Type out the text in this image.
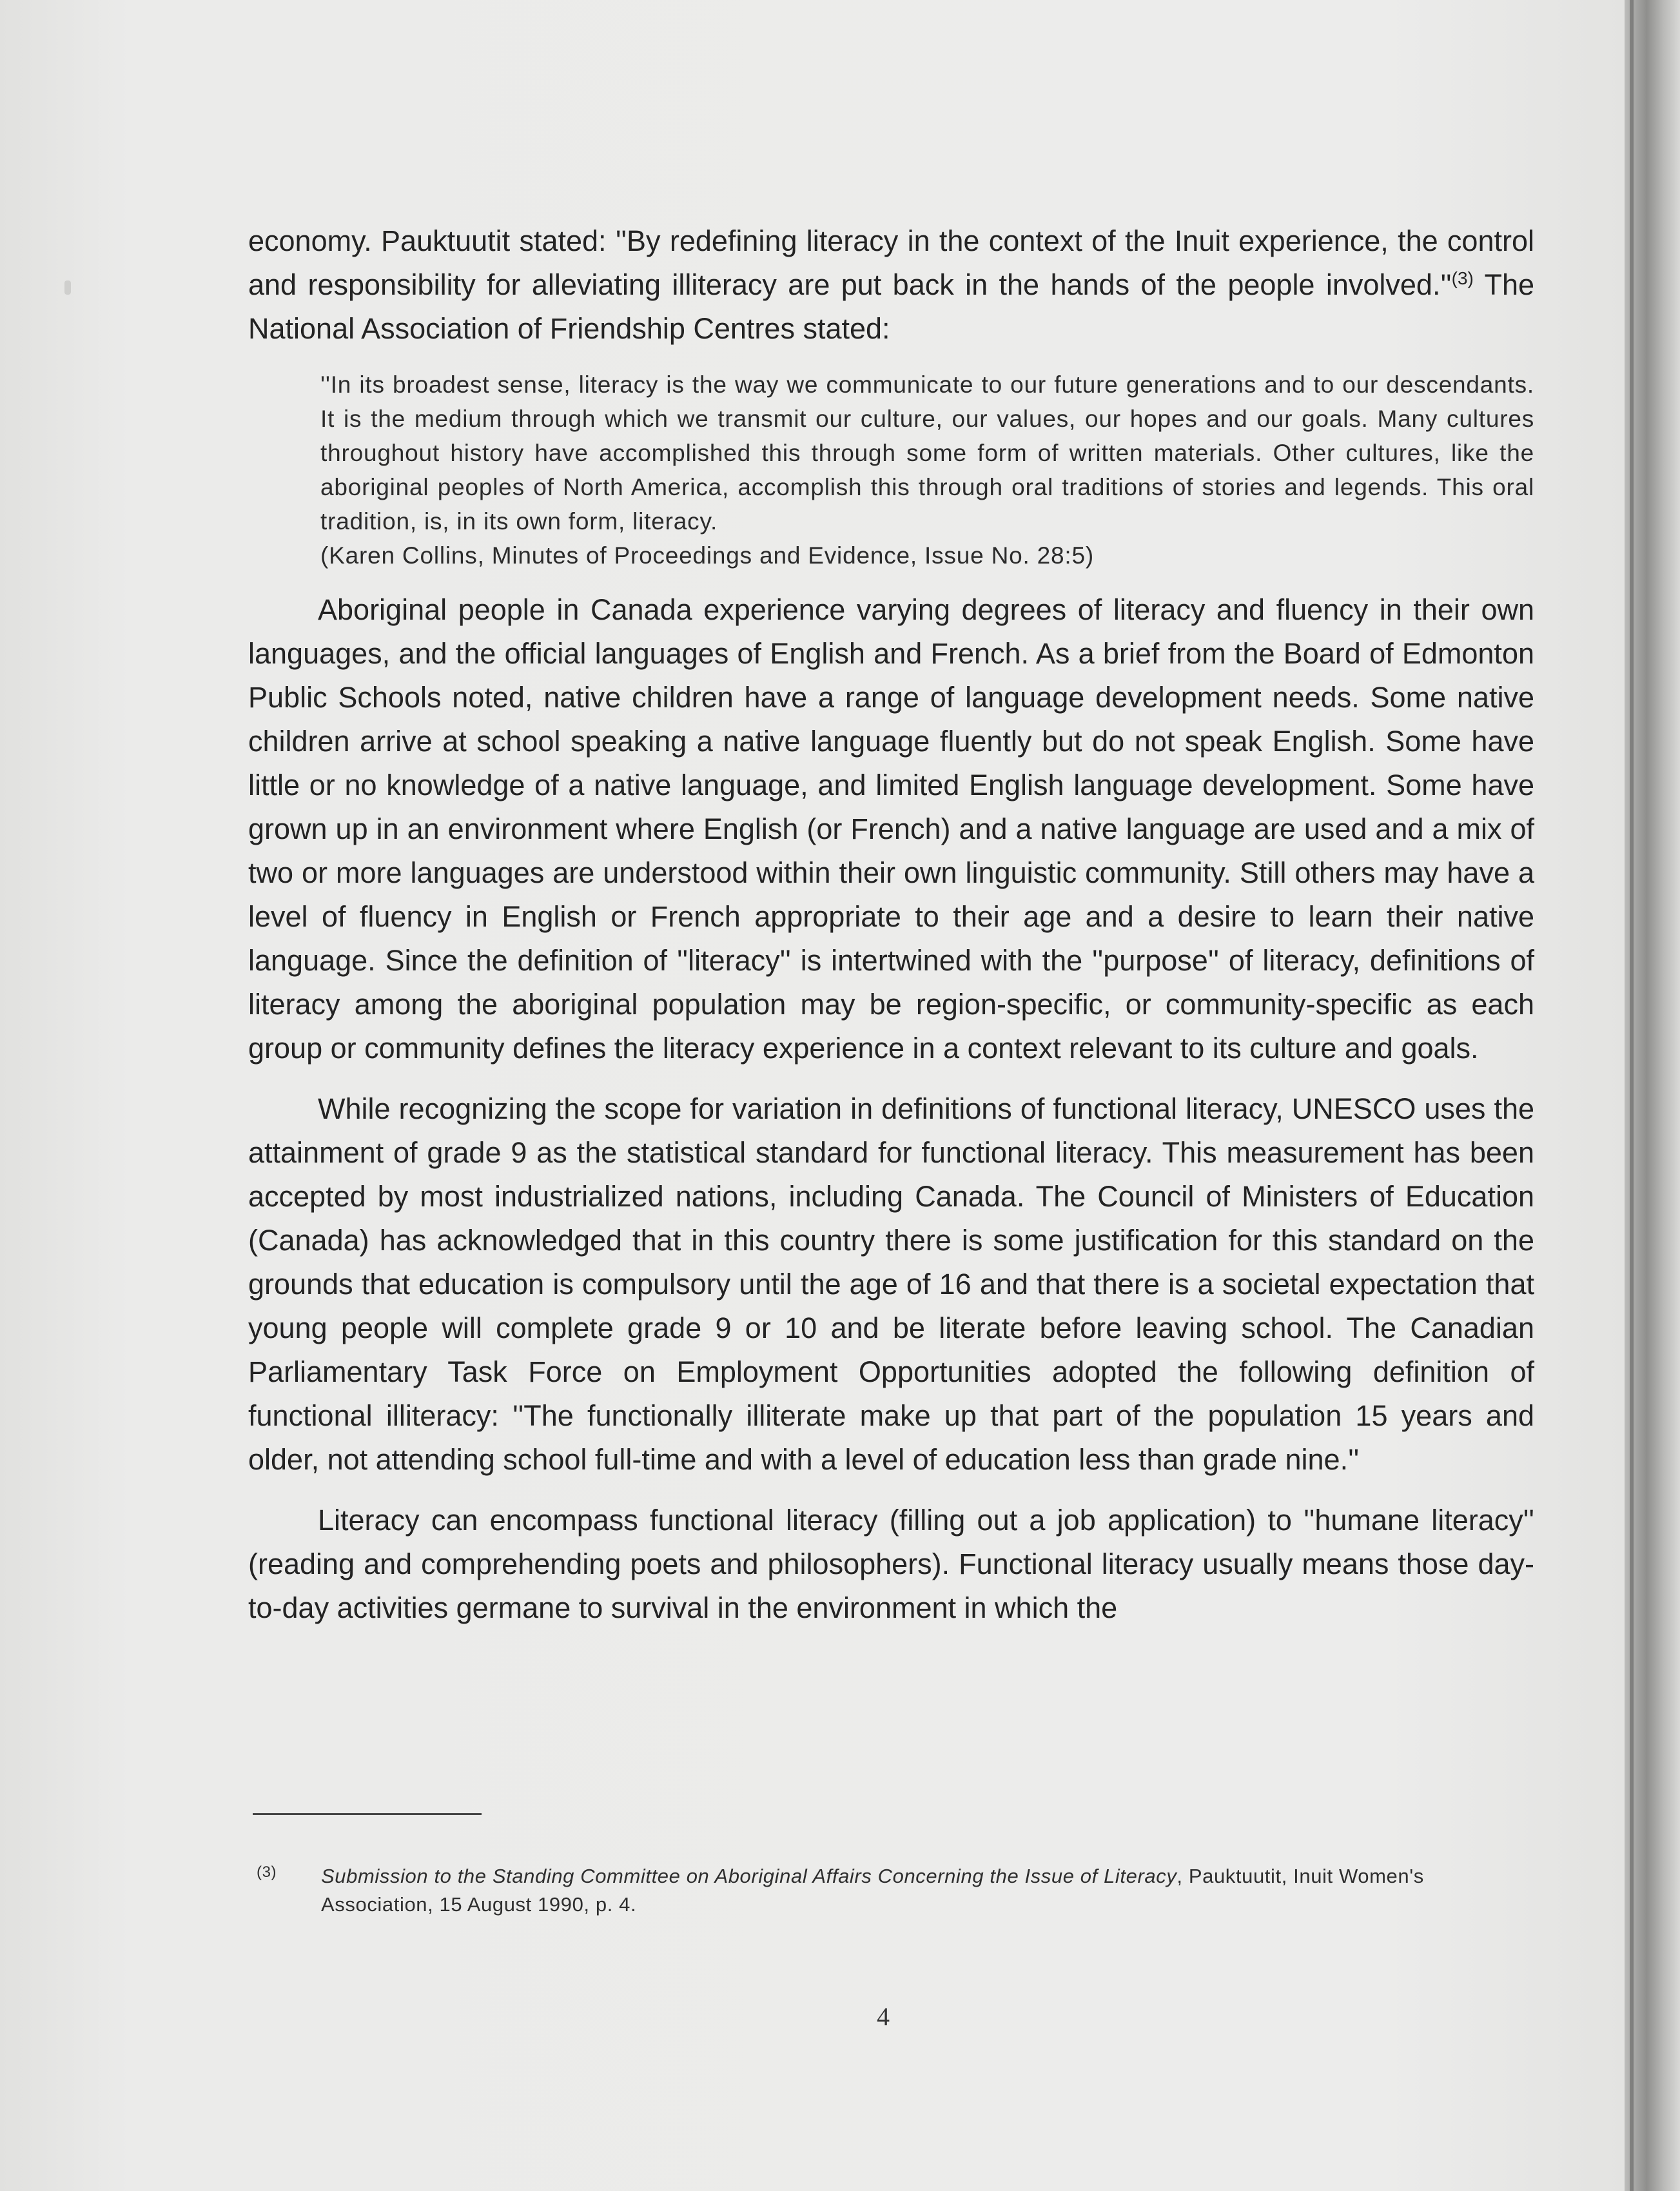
economy. Pauktuutit stated: ''By redefining literacy in the context of the Inuit experience, the control and responsibility for alleviating illiteracy are put back in the hands of the people $involved.''^{(3)}$ The National Association of Friendship Centres stated:

''In its broadest sense, literacy is the way we communicate to our future generations and to our descendants. It is the medium through which we transmit our culture, our values, our hopes and our goals. Many cultures throughout history have accomplished this through some form of written materials. Other cultures, like the aboriginal peoples of North America, accomplish this through oral traditions of stories and legends. This oral tradition, is, in its own form, literacy.
(Karen Collins, Minutes of Proceedings and Evidence, Issue No. 28:5)

Aboriginal people in Canada experience varying degrees of literacy and fluency in their own languages, and the official languages of English and French. As a brief from the Board of Edmonton Public Schools noted, native children have a range of language development needs. Some native children arrive at school speaking a native language fluently but do not speak English. Some have little or no knowledge of a native language, and limited English language development. Some have grown up in an environment where English (or French) and a native language are used and a mix of two or more languages are understood within their own linguistic community. Still others may have a level of fluency in English or French appropriate to their age and a desire to learn their native language. Since the definition of ''literacy'' is intertwined with the ''purpose'' of literacy, definitions of literacy among the aboriginal population may be region-specific, or community-specific as each group or community defines the literacy experience in a context relevant to its culture and goals.

While recognizing the scope for variation in definitions of functional literacy, UNESCO uses the attainment of grade 9 as the statistical standard for functional literacy. This measurement has been accepted by most industrialized nations, including Canada. The Council of Ministers of Education (Canada) has acknowledged that in this country there is some justification for this standard on the grounds that education is compulsory until the age of 16 and that there is a societal expectation that young people will complete grade 9 or 10 and be literate before leaving school. The Canadian Parliamentary Task Force on Employment Opportunities adopted the following definition of functional illiteracy: ''The functionally illiterate make up that part of the population 15 years and older, not attending school full-time and with a level of education less than grade nine.''

Literacy can encompass functional literacy (filling out a job application) to ''humane literacy'' (reading and comprehending poets and philosophers). Functional literacy usually means those day-to-day activities germane to survival in the environment in which the

(3) Submission to the Standing Committee on Aboriginal Affairs Concerning the Issue of Literacy, Pauktuutit, Inuit Women's Association, 15 August 1990, p. 4.
4
